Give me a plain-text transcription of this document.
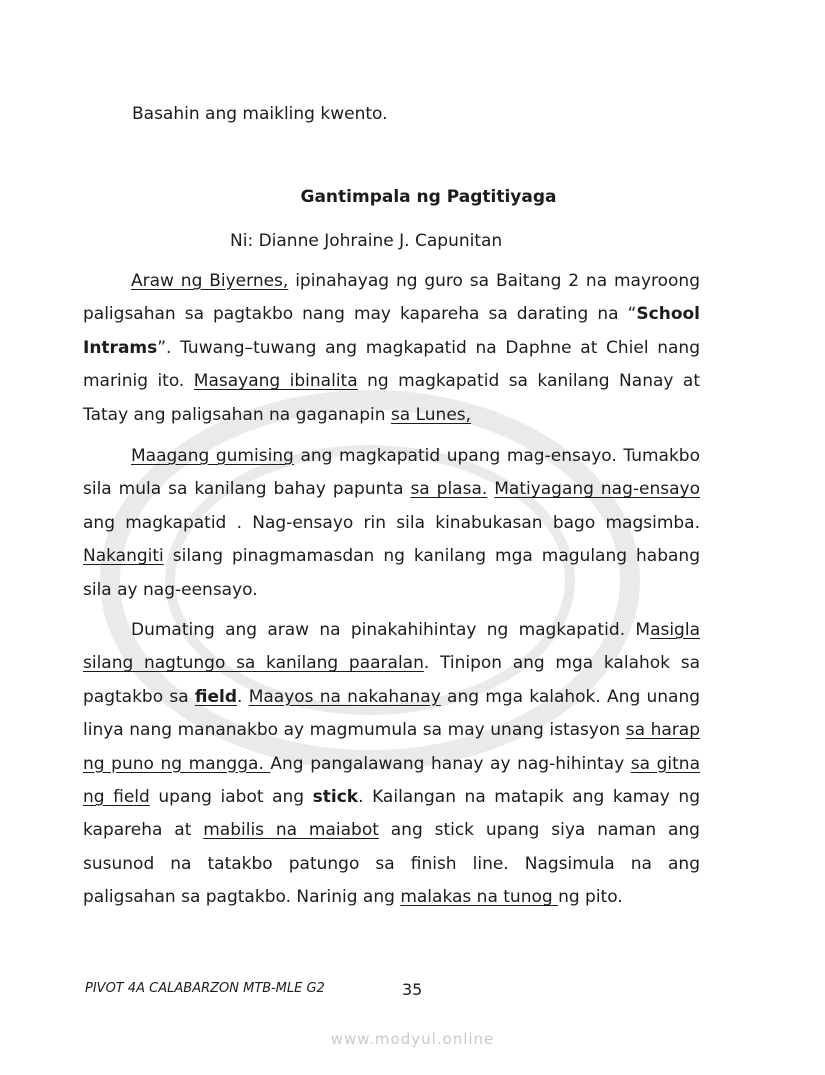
Basahin ang maikling kwento.
Gantimpala ng Pagtitiyaga
Ni: Dianne Johraine J. Capunitan

Araw ng Biyernes, ipinahayag ng guro sa Baitang 2 na mayroong paligsahan sa pagtakbo nang may kapareha sa darating na “School Intrams”. Tuwang–tuwang ang magkapatid na Daphne at Chiel nang marinig ito. Masayang ibinalita ng magkapatid sa kanilang Nanay at Tatay ang paligsahan na gaganapin sa Lunes,

Maagang gumising ang magkapatid upang mag-ensayo. Tumakbo sila mula sa kanilang bahay papunta sa plasa. Matiyagang nag-ensayo ang magkapatid . Nag-ensayo rin sila kinabukasan bago magsimba. Nakangiti silang pinagmamasdan ng kanilang mga magulang habang sila ay nag-eensayo.

Dumating ang araw na pinakahihintay ng magkapatid. Masigla silang nagtungo sa kanilang paaralan. Tinipon ang mga kalahok sa pagtakbo sa field. Maayos na nakahanay ang mga kalahok. Ang unang linya nang mananakbo ay magmumula sa may unang istasyon sa harap ng puno ng mangga. Ang pangalawang hanay ay nag-hihintay sa gitna ng field upang iabot ang stick. Kailangan na matapik ang kamay ng kapareha at mabilis na maiabot ang stick upang siya naman ang susunod na tatakbo patungo sa finish line. Nagsimula na ang paligsahan sa pagtakbo. Narinig ang malakas na tunog ng pito.

PIVOT 4A CALABARZON MTB-MLE G2	35
www.modyul.online
